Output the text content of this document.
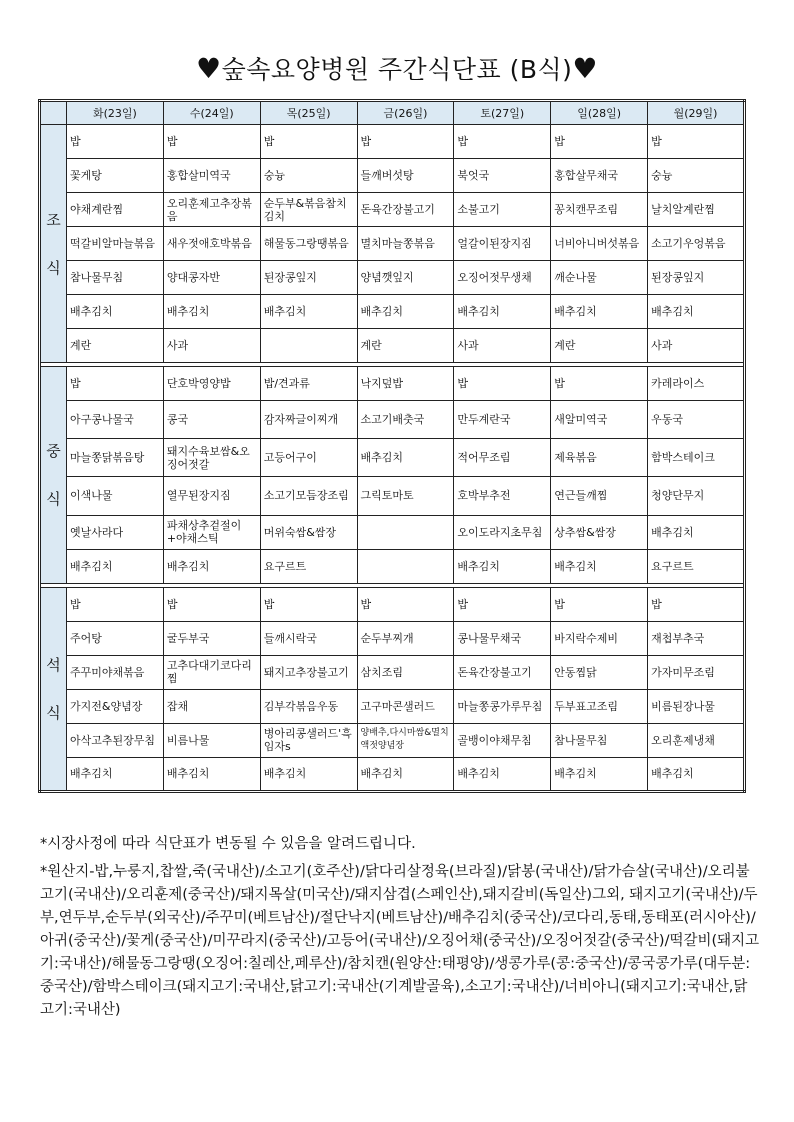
♥숲속요양병원 주간식단표 (B식)♥
	화(23일)	수(24일)	목(25일)	금(26일)	토(27일)	일(28일)	월(29일)

조
식	밥	밥	밥	밥	밥	밥	밥
	꽃게탕	홍합살미역국	숭늉	들깨버섯탕	북엇국	홍합살무채국	숭늉
	야채계란찜	오리훈제고추장볶음	순두부&볶음참치김치	돈육간장불고기	소불고기	꽁치캔무조림	날치알계란찜
	떡갈비알마늘볶음	새우젓애호박볶음	해물동그랑땡볶음	멸치마늘쫑볶음	얼갈이된장지짐	너비아니버섯볶음	소고기우엉볶음
	참나물무침	양대콩자반	된장콩잎지	양념깻잎지	오징어젓무생채	깨순나물	된장콩잎지
	배추김치	배추김치	배추김치	배추김치	배추김치	배추김치	배추김치
	계란	사과		계란	사과	계란	사과

중
식	밥	단호박영양밥	밥/견과류	낙지덮밥	밥	밥	카레라이스
	아구콩나물국	콩국	감자짜글이찌개	소고기배춧국	만두계란국	새알미역국	우동국
	마늘쫑닭볶음탕	돼지수육보쌈&오징어젓갈	고등어구이	배추김치	적어무조림	제육볶음	함박스테이크
	이색나물	열무된장지짐	소고기모듬장조림	그릭토마토	호박부추전	연근들깨찜	청양단무지
	옛날사라다	파채상추겉절이+야채스틱	머위숙쌈&쌈장		오이도라지초무침	상추쌈&쌈장	배추김치
	배추김치	배추김치	요구르트		배추김치	배추김치	요구르트

석
식	밥	밥	밥	밥	밥	밥	밥
	주어탕	굴두부국	들깨시락국	순두부찌개	콩나물무채국	바지락수제비	재첩부추국
	주꾸미야채볶음	고추다대기코다리찜	돼지고추장불고기	삼치조림	돈육간장불고기	안동찜닭	가자미무조림
	가지전&양념장	잡채	김부각볶음우동	고구마콘샐러드	마늘쫑콩가루무침	두부표고조림	비름된장나물
	아삭고추된장무침	비름나물	병아리콩샐러드'흑임자s	양배추,다시마쌈&멸치액젓양념장	골뱅이야채무침	참나물무침	오리훈제냉채
	배추김치	배추김치	배추김치	배추김치	배추김치	배추김치	배추김치
*시장사정에 따라 식단표가 변동될 수 있음을 알려드립니다.
*원산지-밥,누룽지,찹쌀,죽(국내산)/소고기(호주산)/닭다리살정육(브라질)/닭봉(국내산)/닭가슴살(국내산)/오리불고기(국내산)/오리훈제(중국산)/돼지목살(미국산)/돼지삼겹(스페인산),돼지갈비(독일산)그외, 돼지고기(국내산)/두부,연두부,순두부(외국산)/주꾸미(베트남산)/절단낙지(베트남산)/배추김치(중국산)/코다리,동태,동태포(러시아산)/아귀(중국산)/꽃게(중국산)/미꾸라지(중국산)/고등어(국내산)/오징어채(중국산)/오징어젓갈(중국산)/떡갈비(돼지고기:국내산)/해물동그랑땡(오징어:칠레산,페루산)/참치캔(원양산:태평양)/생콩가루(콩:중국산)/콩국콩가루(대두분:중국산)/함박스테이크(돼지고기:국내산,닭고기:국내산(기계발골육),소고기:국내산)/너비아니(돼지고기:국내산,닭고기:국내산)
